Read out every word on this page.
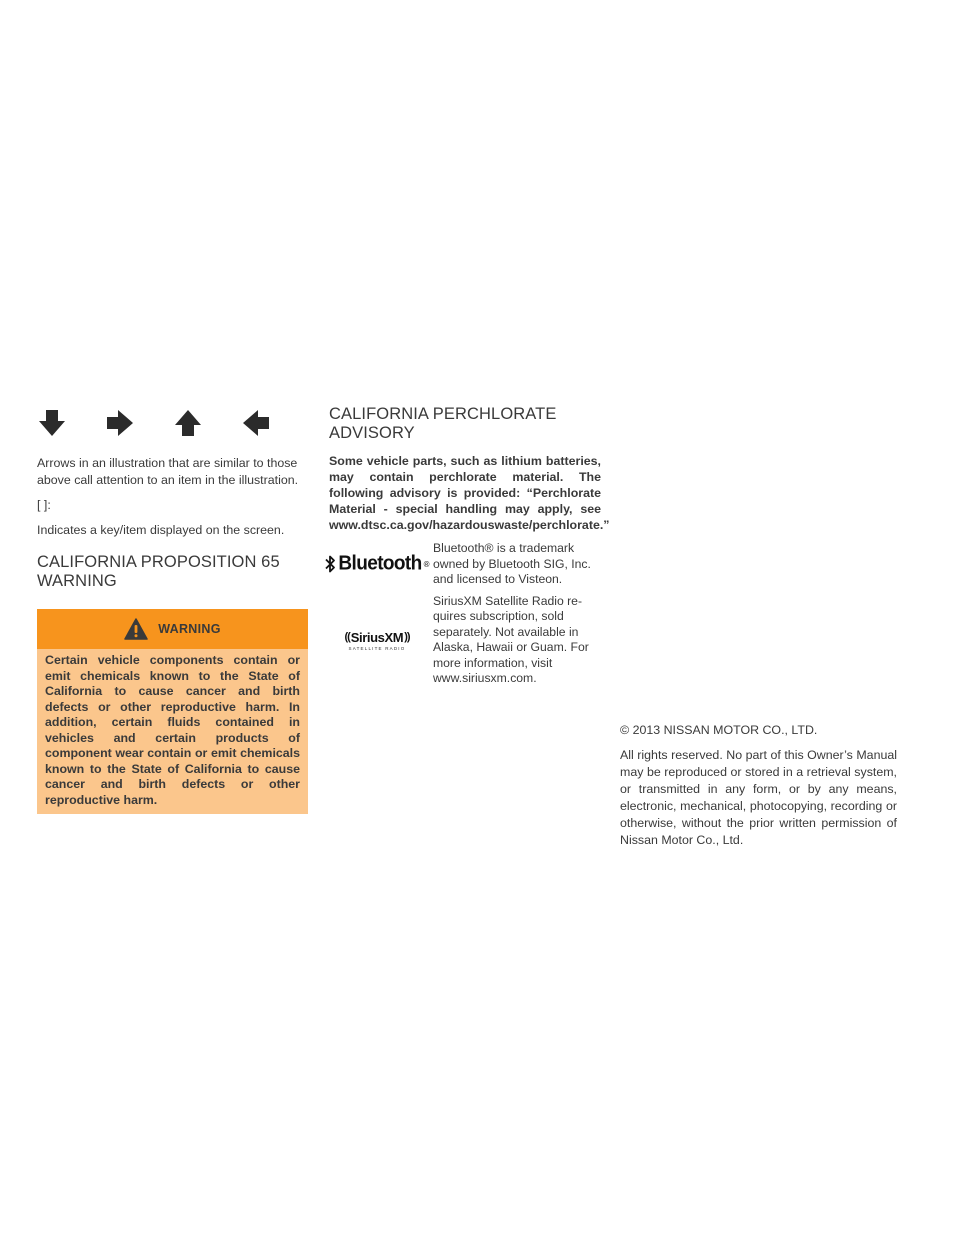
Arrows in an illustration that are similar to those above call attention to an item in the illustration.

[ ]:

Indicates a key/item displayed on the screen.

CALIFORNIA PROPOSITION 65 WARNING
WARNING
Certain vehicle components contain or emit chemicals known to the State of California to cause cancer and birth defects or other reproductive harm. In addition, certain fluids contained in vehicles and certain products of component wear contain or emit chemicals known to the State of California to cause cancer and birth defects or other reproductive harm.
CALIFORNIA PERCHLORATE ADVISORY

Some vehicle parts, such as lithium batteries, may contain perchlorate material. The following advisory is provided: “Perchlorate Material - special handling may apply, see www.dtsc.ca.gov/hazardouswaste/perchlorate.”

Bluetooth ®
Bluetooth® is a trademark
owned by Bluetooth SIG, Inc.
and licensed to Visteon.
(( SiriusXM ))
SATELLITE RADIO
SiriusXM Satellite Radio re-
quires subscription, sold
separately. Not available in
Alaska, Hawaii or Guam. For
more information, visit
www.siriusxm.com.

© 2013 NISSAN MOTOR CO., LTD.

All rights reserved. No part of this Owner’s Manual may be reproduced or stored in a retrieval system, or transmitted in any form, or by any means, electronic, mechanical, photocopying, recording or otherwise, without the prior written permission of Nissan Motor Co., Ltd.
